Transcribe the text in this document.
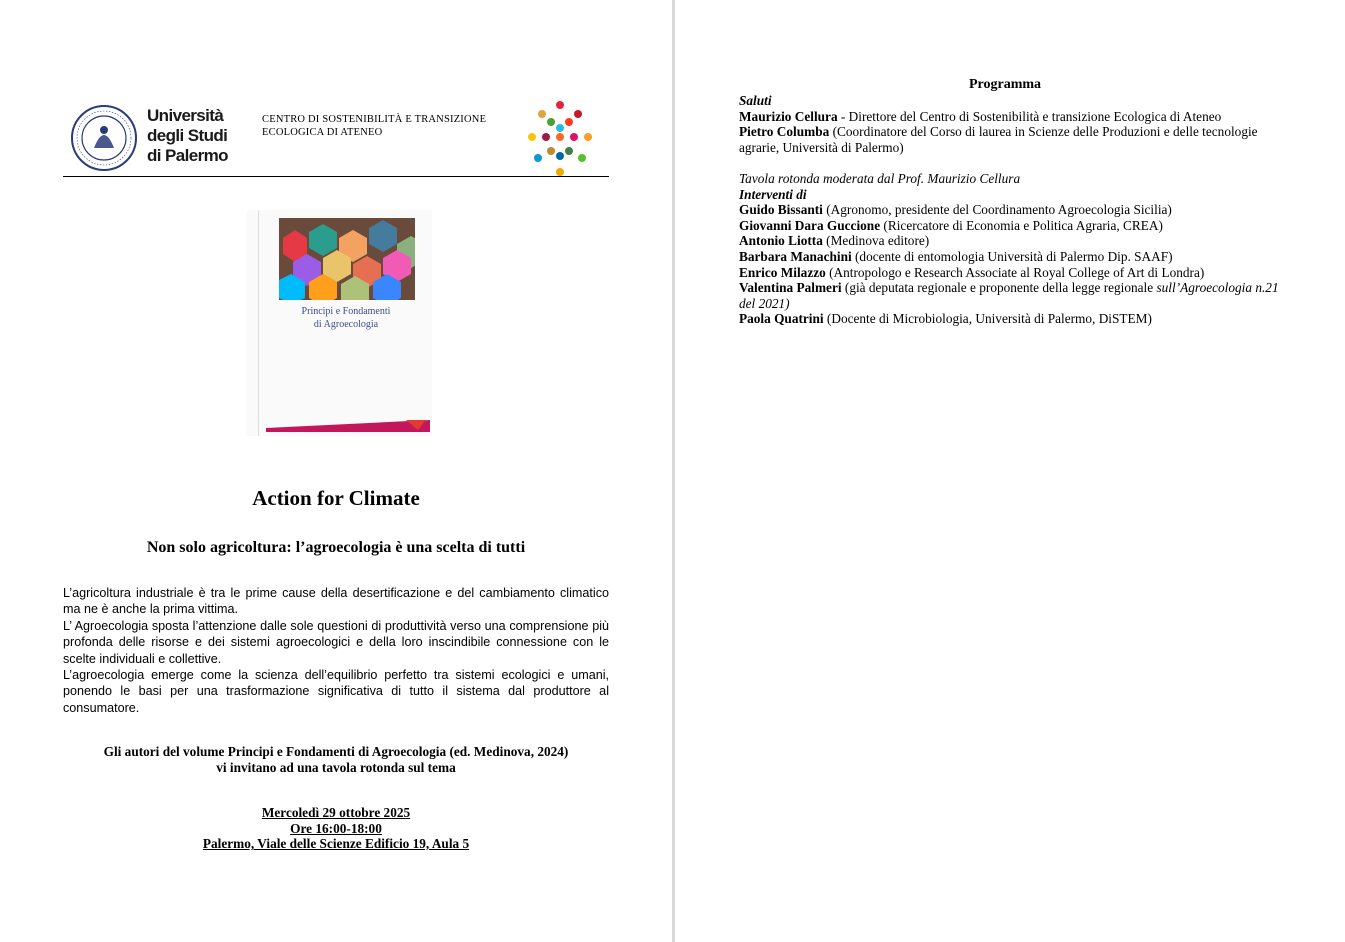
Università
degli Studi
di Palermo
CENTRO DI SOSTENIBILITÀ E TRANSIZIONE
ECOLOGICA DI ATENEO
Principi e Fondamenti
di Agroecologia
Action for Climate
Non solo agricoltura: l’agroecologia è una scelta di tutti

L’agricoltura industriale è tra le prime cause della desertificazione e del cambiamento climatico ma ne è anche la prima vittima.

L’ Agroecologia sposta l’attenzione dalle sole questioni di produttività verso una comprensione più profonda delle risorse e dei sistemi agroecologici e della loro inscindibile connessione con le scelte individuali e collettive.

L’agroecologia emerge come la scienza dell’equilibrio perfetto tra sistemi ecologici e umani, ponendo le basi per una trasformazione significativa di tutto il sistema dal produttore al consumatore.

Gli autori del volume Principi e Fondamenti di Agroecologia (ed. Medinova, 2024)
vi invitano ad una tavola rotonda sul tema
Mercoledì 29 ottobre 2025
Ore 16:00-18:00
Palermo, Viale delle Scienze Edificio 19, Aula 5
Programma
Saluti
Maurizio Cellura - Direttore del Centro di Sostenibilità e transizione Ecologica di Ateneo
Pietro Columba (Coordinatore del Corso di laurea in Scienze delle Produzioni e delle tecnologie agrarie, Università di Palermo)
Tavola rotonda moderata dal Prof. Maurizio Cellura
Interventi di
Guido Bissanti (Agronomo, presidente del Coordinamento Agroecologia Sicilia)
Giovanni Dara Guccione (Ricercatore di Economia e Politica Agraria, CREA)
Antonio Liotta (Medinova editore)
Barbara Manachini (docente di entomologia Università di Palermo Dip. SAAF)
Enrico Milazzo (Antropologo e Research Associate al Royal College of Art di Londra)
Valentina Palmeri (già deputata regionale e proponente della legge regionale sull’Agroecologia n.21 del 2021)
Paola Quatrini (Docente di Microbiologia, Università di Palermo, DiSTEM)
